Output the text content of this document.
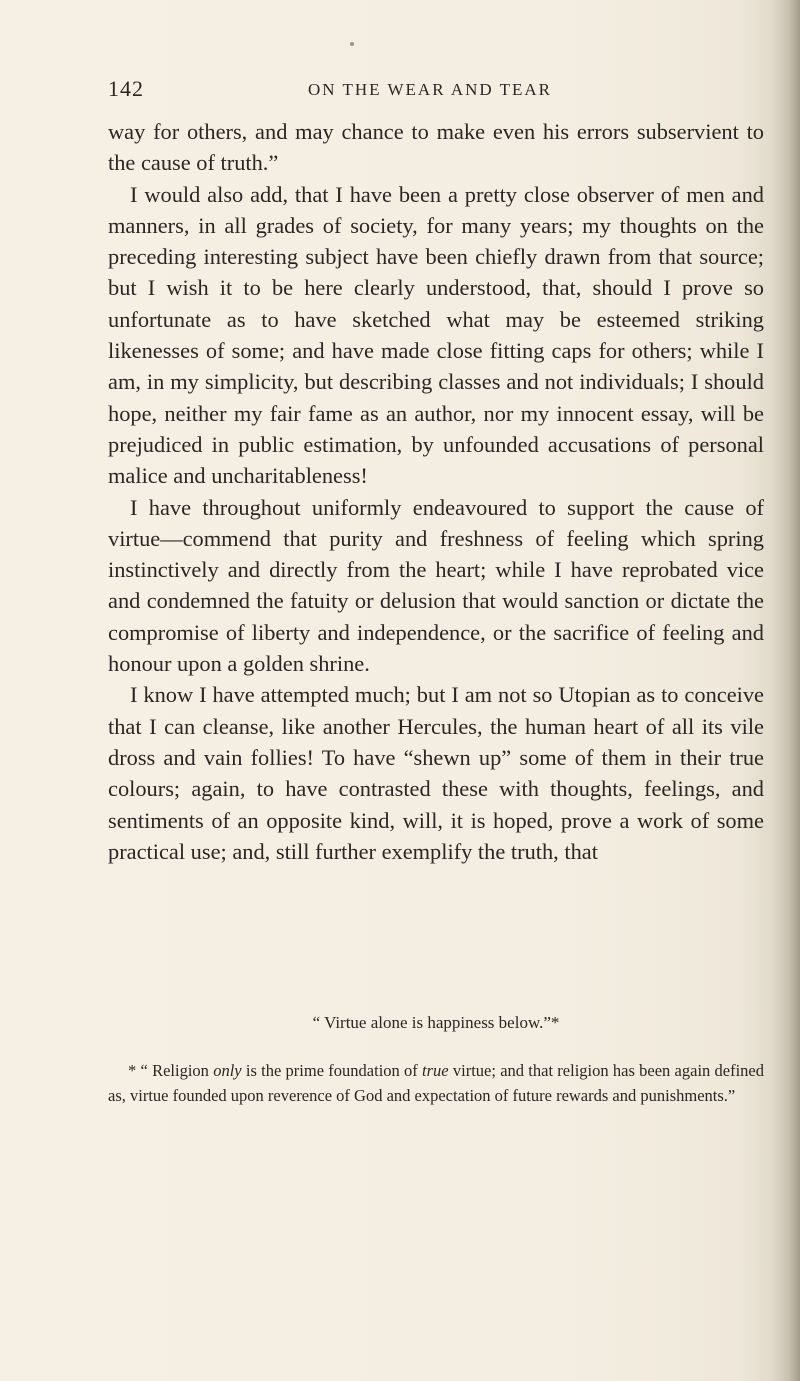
142	ON THE WEAR AND TEAR

way for others, and may chance to make even his errors subservient to the cause of truth.”

I would also add, that I have been a pretty close observer of men and manners, in all grades of society, for many years; my thoughts on the preceding interesting subject have been chiefly drawn from that source; but I wish it to be here clearly understood, that, should I prove so unfortunate as to have sketched what may be esteemed striking likenesses of some; and have made close fitting caps for others; while I am, in my simplicity, but describing classes and not individuals; I should hope, neither my fair fame as an author, nor my innocent essay, will be prejudiced in public estimation, by unfounded accusations of personal malice and uncharitableness!

I have throughout uniformly endeavoured to support the cause of virtue—commend that purity and freshness of feeling which spring instinctively and directly from the heart; while I have reprobated vice and condemned the fatuity or delusion that would sanction or dictate the compromise of liberty and independence, or the sacrifice of feeling and honour upon a golden shrine.

I know I have attempted much; but I am not so Utopian as to conceive that I can cleanse, like another Hercules, the human heart of all its vile dross and vain follies! To have “shewn up” some of them in their true colours; again, to have contrasted these with thoughts, feelings, and sentiments of an opposite kind, will, it is hoped, prove a work of some practical use; and, still further exemplify the truth, that

“ Virtue alone is happiness below.”*

* “ Religion only is the prime foundation of true virtue; and that religion has been again defined as, virtue founded upon reverence of God and expectation of future rewards and punishments.”
